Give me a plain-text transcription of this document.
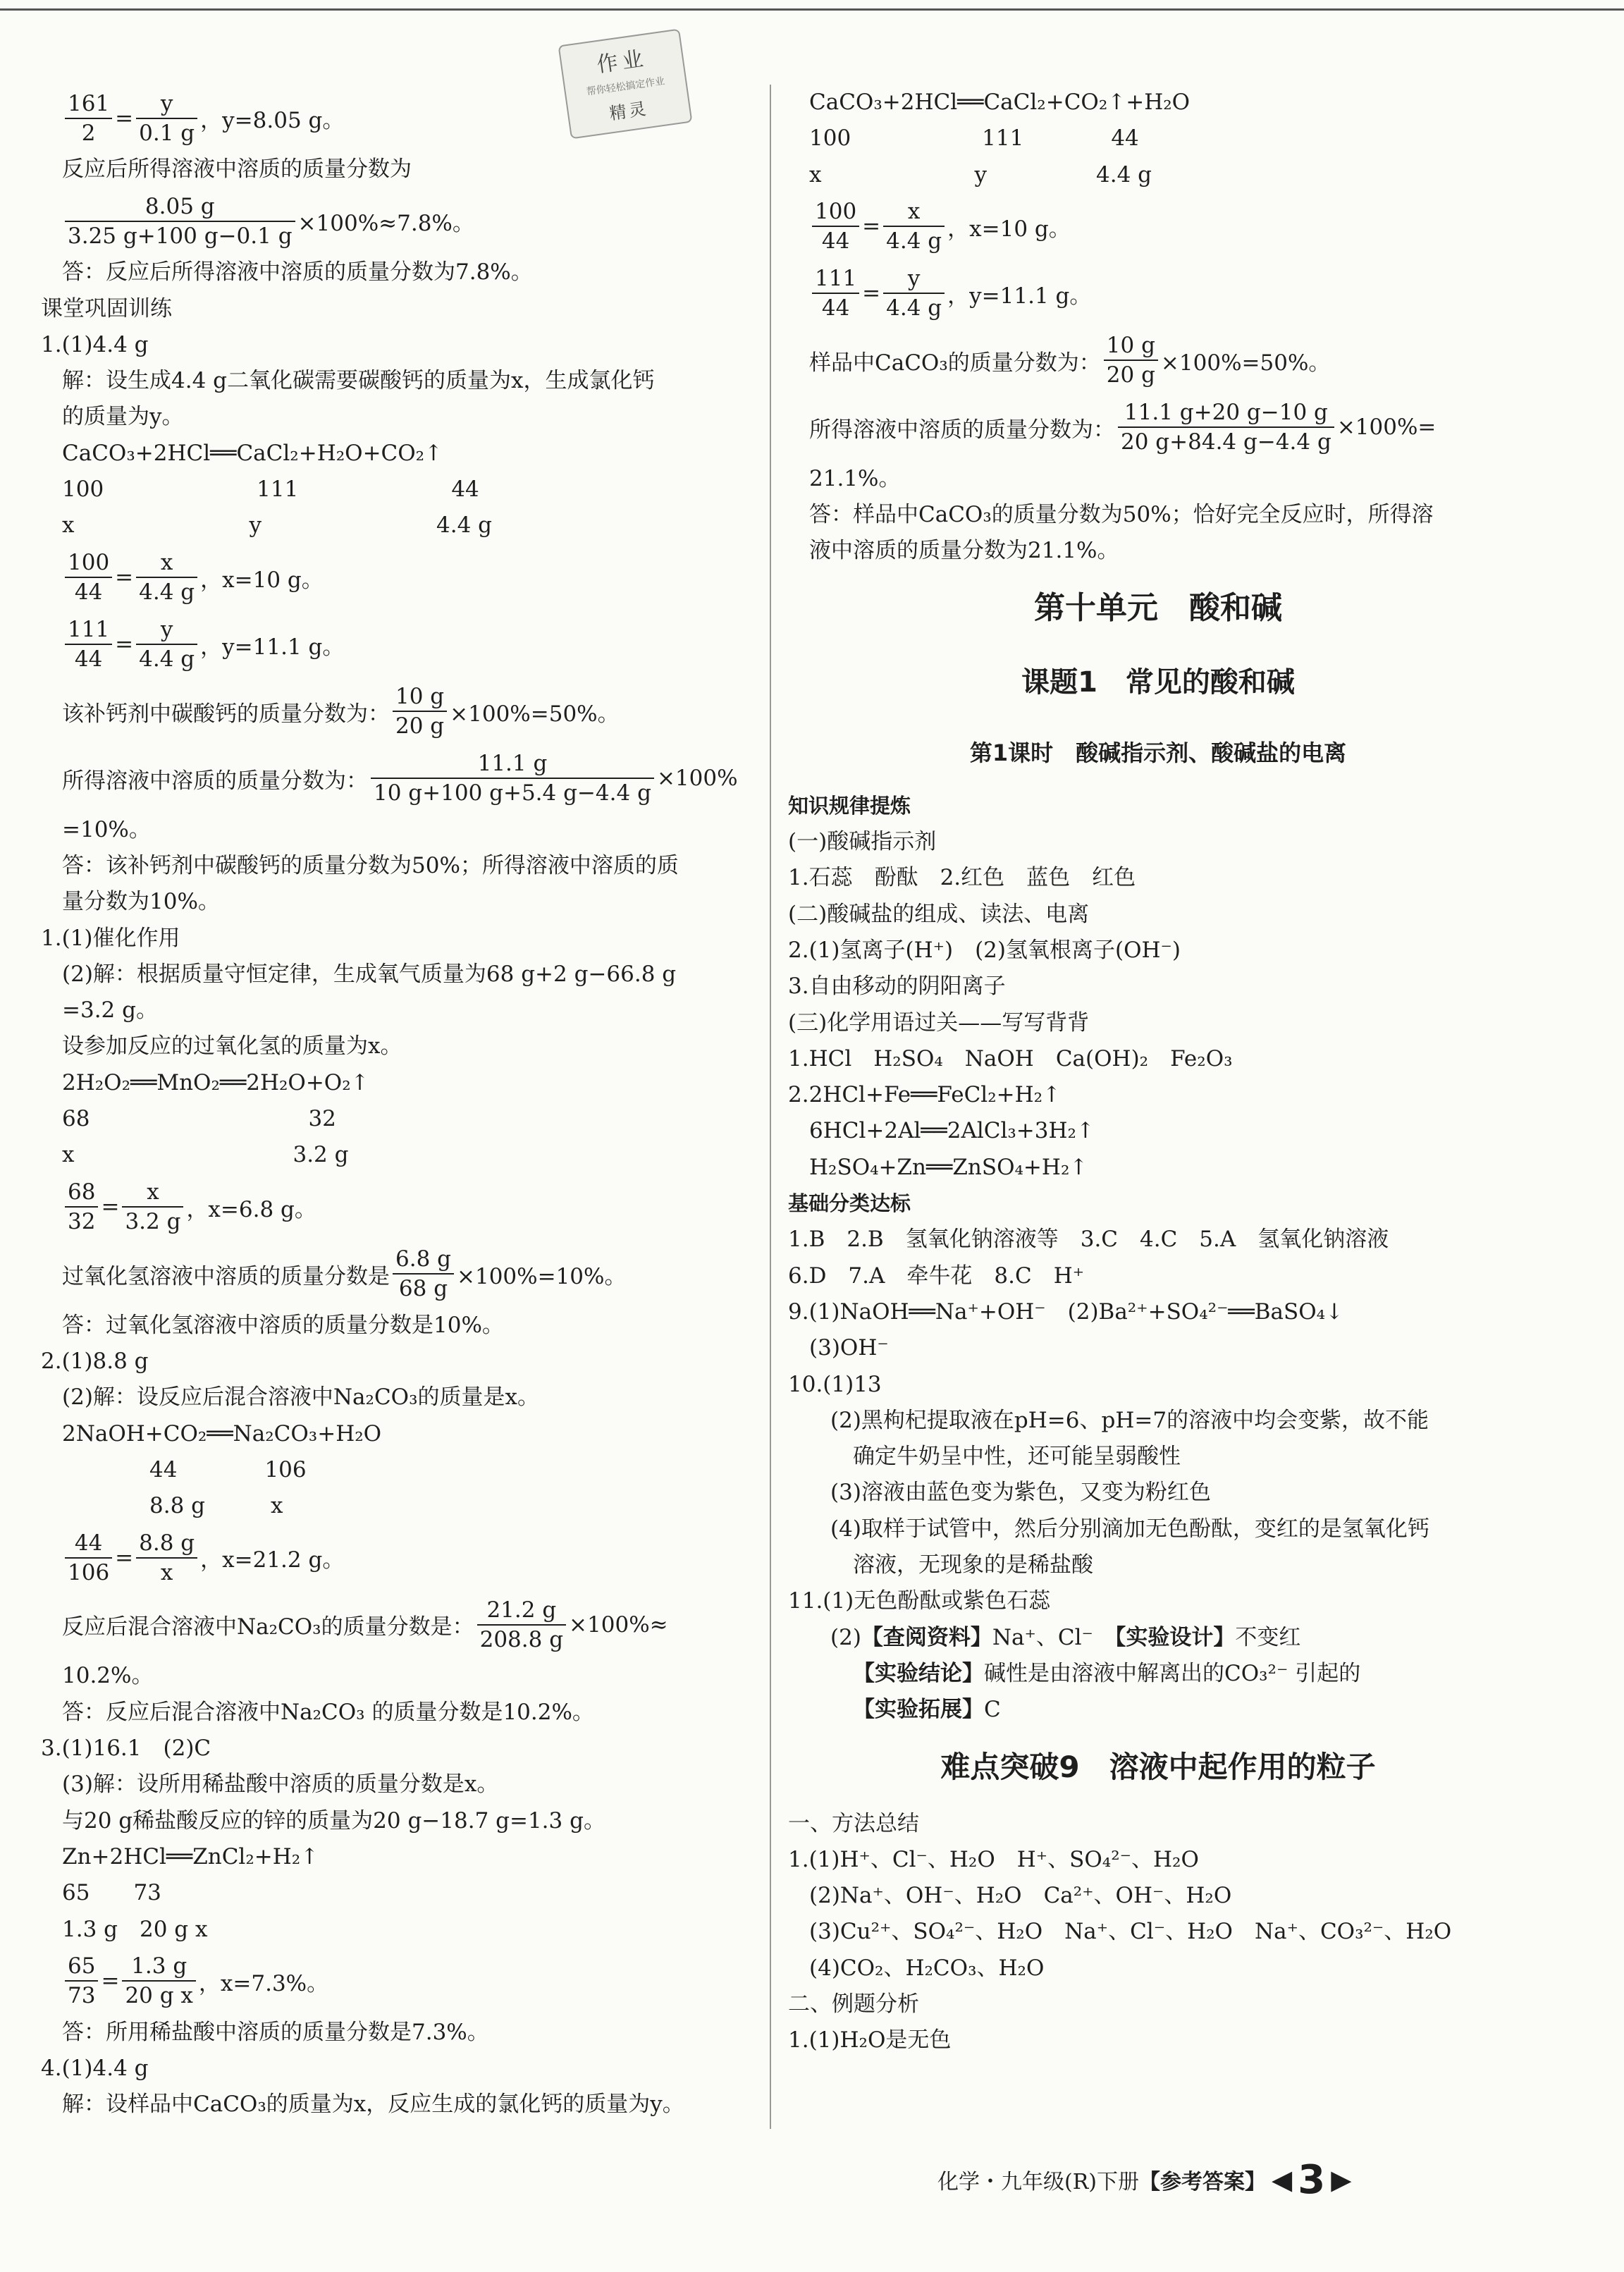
作业
帮你轻松搞定作业
精灵
161
2
=
y
0.1 g ，y=8.05 g。
反应后所得溶液中溶质的质量分数为
$\frac{8.05 g}{3.25 g+100 g-0.1 g} \times 100\%\approx 7.8\%$。
答：反应后所得溶液中溶质的质量分数为7.8%。
课堂巩固训练
1.(1)4.4 g
解：设生成4.4 g二氧化碳需要碳酸钙的质量为x，生成氯化钙
的质量为y。
CaCO₃+2HCl══CaCl₂+H₂O+CO₂↑
100　　　　　　　111　　　　　　　44
x　　　　　　　　y　　　　　　　　4.4 g
100
44
=
x
4.4 g ，x=10 g。
111
44
=
y
4.4 g ，y=11.1 g。
该补钙剂中碳酸钙的质量分数为： $\frac{10 g}{20 g} \times 100\%=50\%$。
所得溶液中溶质的质量分数为： $\frac{11.1 g}{10 g+100 g+5.4 g-4.4 g} \times 100\%$
=10%。
答：该补钙剂中碳酸钙的质量分数为50%；所得溶液中溶质的质
量分数为10%。
1.(1)催化作用
(2)解：根据质量守恒定律，生成氧气质量为68 g+2 g−66.8 g
=3.2 g。
设参加反应的过氧化氢的质量为x。
2H₂O₂══MnO₂══2H₂O+O₂↑
68　　　　　　　　　　32
x　　　　　　　　　　3.2 g
68
32
=
x
3.2 g ，x=6.8 g。
过氧化氢溶液中溶质的质量分数是 $\frac{6.8 g}{68 g} \times 100\%=10\%$。
答：过氧化氢溶液中溶质的质量分数是10%。
2.(1)8.8 g
(2)解：设反应后混合溶液中Na₂CO₃的质量是x。
2NaOH+CO₂══Na₂CO₃+H₂O
　　　　44　　　　106
　　　　8.8 g　　　x
44
106
=
8.8 g
x	，x=21.2 g。
反应后混合溶液中Na₂CO₃的质量分数是： $\frac{21.2 g}{208.8 g} \times 100\%\approx$
10.2%。
答：反应后混合溶液中Na₂CO₃ 的质量分数是10.2%。
3.(1)16.1　(2)C
(3)解：设所用稀盐酸中溶质的质量分数是x。
与20 g稀盐酸反应的锌的质量为20 g−18.7 g=1.3 g。
Zn+2HCl══ZnCl₂+H₂↑
65　　73
1.3 g　20 g x
65
73
=
1.3 g
20 g x ，x=7.3%。
答：所用稀盐酸中溶质的质量分数是7.3%。
4.(1)4.4 g
解：设样品中CaCO₃的质量为x，反应生成的氯化钙的质量为y。
CaCO₃+2HCl══CaCl₂+CO₂↑+H₂O
100　　　　　　111　　　　44
x　　　　　　　y　　　　　4.4 g
100
44
=
x
4.4 g ，x=10 g。
111
44
=
y
4.4 g ，y=11.1 g。
样品中CaCO₃的质量分数为： $\frac{10 g}{20 g} \times 100\%=50\%$。
所得溶液中溶质的质量分数为： $\frac{11.1 g+20 g-10 g}{20 g+84.4 g-4.4 g} \times 100\%=$
21.1%。
答：样品中CaCO₃的质量分数为50%；恰好完全反应时，所得溶
液中溶质的质量分数为21.1%。
第十单元　酸和碱
课题1　常见的酸和碱
第1课时　酸碱指示剂、酸碱盐的电离
知识规律提炼
(一)酸碱指示剂
1.石蕊　酚酞　2.红色　蓝色　红色
(二)酸碱盐的组成、读法、电离
2.(1)氢离子(H⁺)　(2)氢氧根离子(OH⁻)
3.自由移动的阴阳离子
(三)化学用语过关——写写背背
1.HCl　H₂SO₄　NaOH　Ca(OH)₂　Fe₂O₃
2.2HCl+Fe══FeCl₂+H₂↑
6HCl+2Al══2AlCl₃+3H₂↑
H₂SO₄+Zn══ZnSO₄+H₂↑
基础分类达标
1.B　2.B　氢氧化钠溶液等　3.C　4.C　5.A　氢氧化钠溶液
6.D　7.A　牵牛花　8.C　H⁺
9.(1)NaOH══Na⁺+OH⁻　(2)Ba²⁺+SO₄²⁻══BaSO₄↓
(3)OH⁻
10.(1)13
(2)黑枸杞提取液在pH=6、pH=7的溶液中均会变紫，故不能
确定牛奶呈中性，还可能呈弱酸性
(3)溶液由蓝色变为紫色，又变为粉红色
(4)取样于试管中，然后分别滴加无色酚酞，变红的是氢氧化钙
溶液，无现象的是稀盐酸
11.(1)无色酚酞或紫色石蕊
(2)【查阅资料】Na⁺、Cl⁻　【实验设计】不变红
【实验结论】碱性是由溶液中解离出的CO₃²⁻ 引起的
【实验拓展】C
难点突破9　溶液中起作用的粒子
一、方法总结
1.(1)H⁺、Cl⁻、H₂O　H⁺、SO₄²⁻、H₂O
(2)Na⁺、OH⁻、H₂O　Ca²⁺、OH⁻、H₂O
(3)Cu²⁺、SO₄²⁻、H₂O　Na⁺、Cl⁻、H₂O　Na⁺、CO₃²⁻、H₂O
(4)CO₂、H₂CO₃、H₂O
二、例题分析
1.(1)H₂O是无色
化学・九年级(R)下册 【参考答案】 ◀ 3 ▶
